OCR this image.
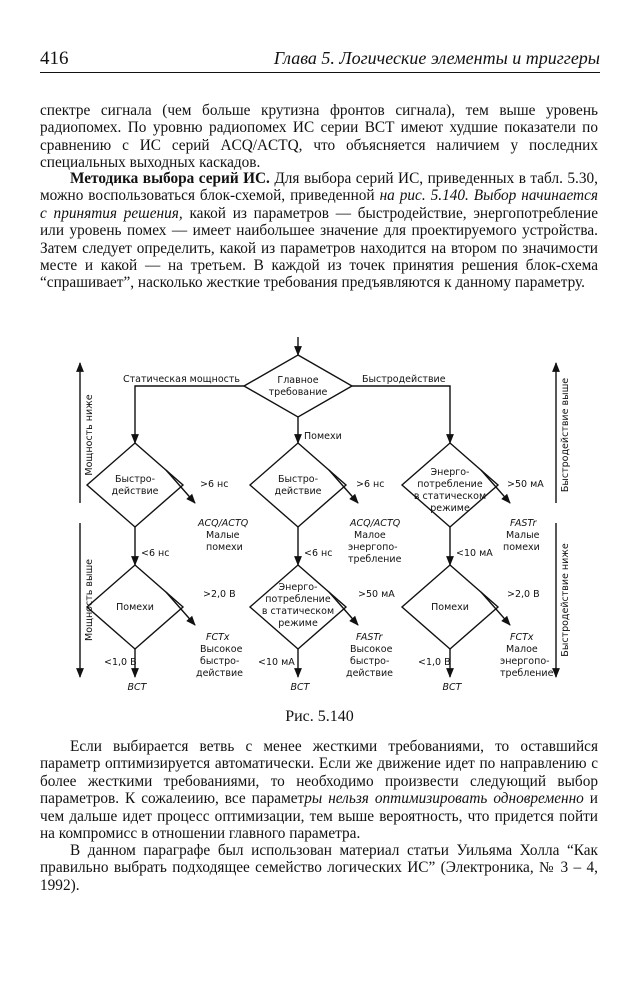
416	Глава 5. Логические элементы и триггеры

спектре сигнала (чем больше крутизна фронтов сигнала), тем выше уровень радиопомех. По уровню радиопомех ИС серии BCT имеют худшие показатели по сравнению с ИС серий ACQ/ACTQ, что объясняется наличием у последних специальных выходных каскадов.

Методика выбора серий ИС. Для выбора серий ИС, приведенных в табл. 5.30, можно воспользоваться блок-схемой, приведенной на рис. 5.140. Выбор начинается с принятия решения, какой из параметров — быстродействие, энергопотребление или уровень помех — имеет наибольшее значение для проектируемого устройства. Затем следует определить, какой из параметров находится на втором по значимости месте и какой — на третьем. В каждой из точек принятия решения блок-схема “спрашивает”, насколько жесткие требования предъявляются к данному параметру.

Главное
требование
Статическая мощность	Быстродействие
Помехи
Мощность ниже
Мощность выше
Быстродействие выше
Быстродействие ниже
Быстро-
действие
>6 нс
ACQ/ACTQ
Малые
помехи
<6 нс
Помехи
>2,0 В
FCTx
Высокое
быстро-
действие
<1,0 В
BCT
Быстро-
действие
>6 нс
ACQ/ACTQ
Малое
энергопо-
требление
<6 нс
Энерго-
потребление
в статическом
режиме
>50 мА
FASTr
Высокое
быстро-
действие
<10 мА
BCT
Энерго-
потребление
в статическом
режиме
>50 мА
FASTr
Малые
помехи
<10 мА
Помехи
>2,0 В
FCTx
Малое
энергопо-
требление
<1,0 В
BCT
Рис. 5.140

Если выбирается ветвь с менее жесткими требованиями, то оставшийся параметр оптимизируется автоматически. Если же движение идет по направлению с более жесткими требованиями, то необходимо произвести следующий выбор параметров. К сожалеиию, все параметры нельзя оптимизировать одновременно и чем дальше идет процесс оптимизации, тем выше вероятность, что придется пойти на компромисс в отношении главного параметра.

В данном параграфе был использован материал статьи Уильяма Холла “Как правильно выбрать подходящее семейство логических ИС” (Электроника, № 3 – 4, 1992).
